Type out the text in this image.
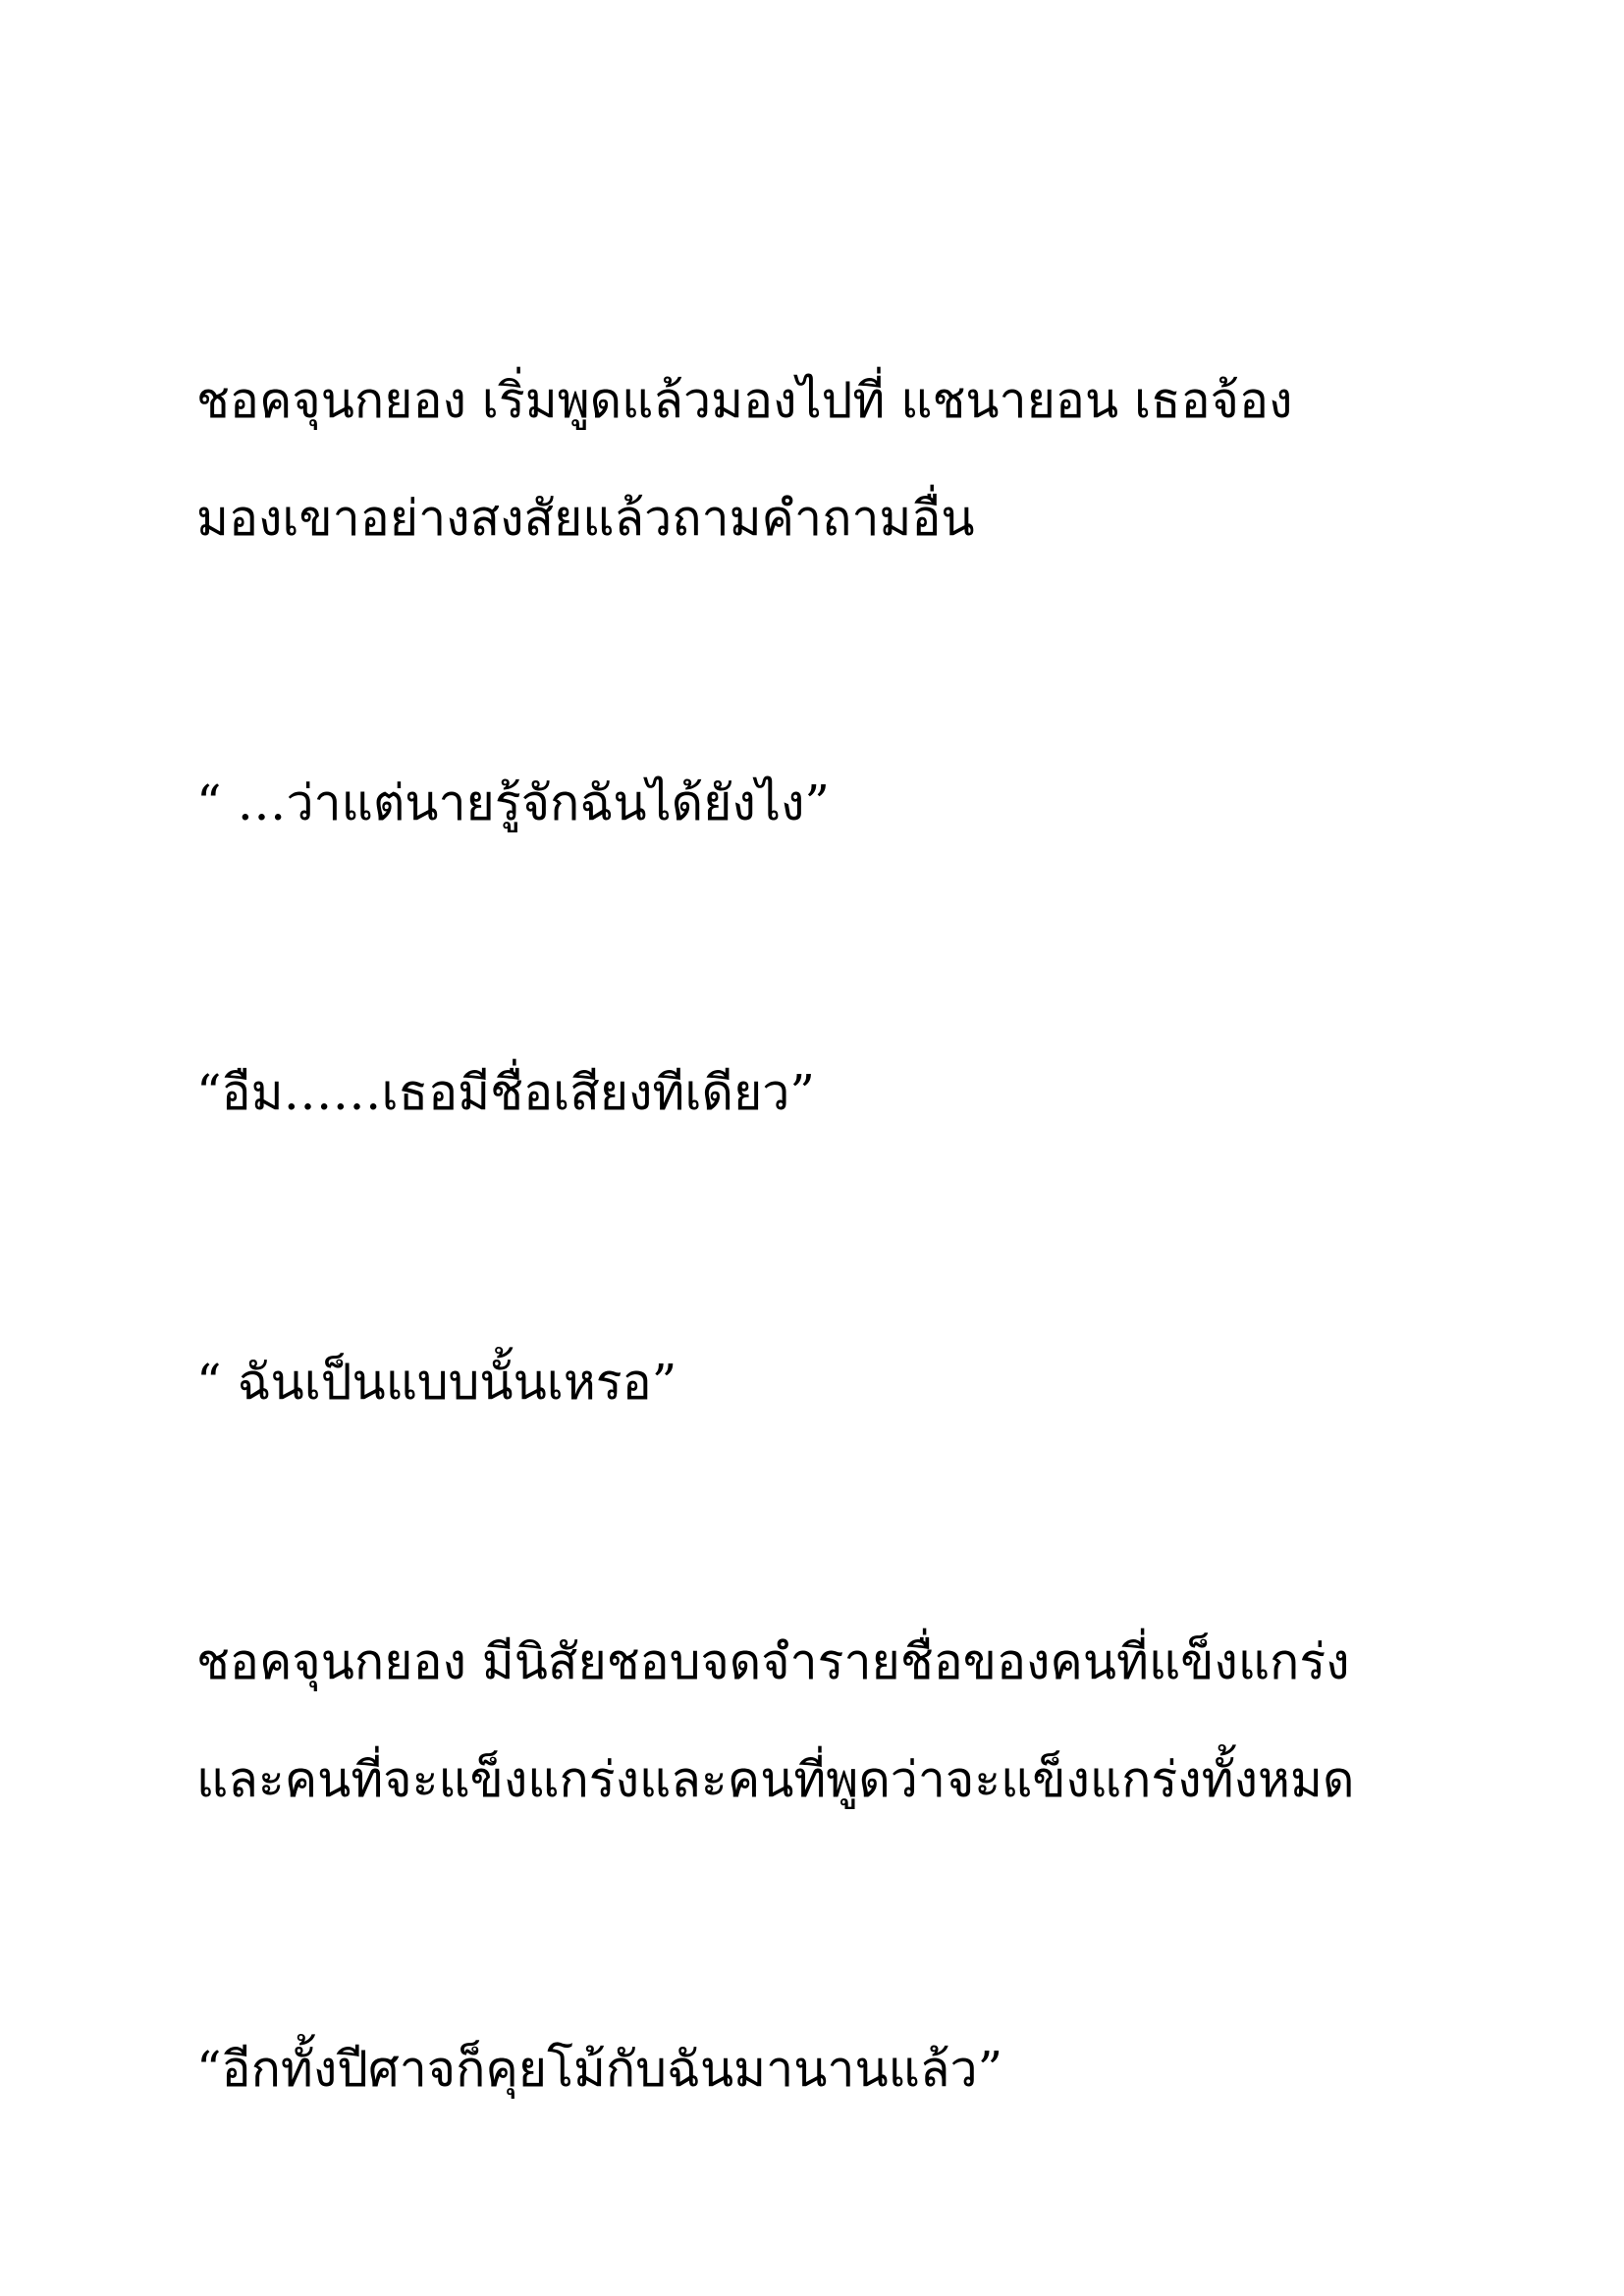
ชอคจุนกยอง เริ่มพูดแล้วมองไปที่ แชนายอน เธอจ้อง

มองเขาอย่างสงสัยแล้วถามคำถามอื่น

“ …ว่าแต่นายรู้จักฉันได้ยังไง”

“อืม……เธอมีชื่อเสียงทีเดียว”

“ ฉันเป็นแบบนั้นเหรอ”

ชอคจุนกยอง มีนิสัยชอบจดจำรายชื่อของคนที่แข็งแกร่ง

และคนที่จะแข็งแกร่งและคนที่พูดว่าจะแข็งแกร่งทั้งหมด

“อีกทั้งปีศาจก็คุยโม้กับฉันมานานแล้ว”
